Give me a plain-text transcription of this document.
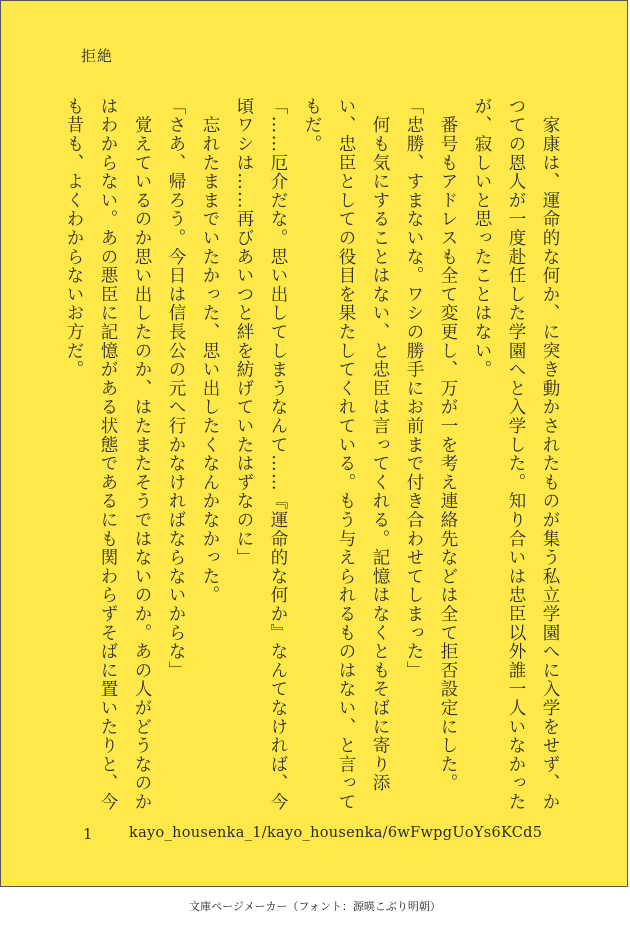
拒絶

　家康は、運命的な何か、に突き動かされたものが集う私立学園へに入学をせず、かつての恩人が一度赴任した学園へと入学した。知り合いは忠臣以外誰一人いなかったが、寂しいと思ったことはない。

　番号もアドレスも全て変更し、万が一を考え連絡先などは全て拒否設定にした。

「忠勝、すまないな。ワシの勝手にお前まで付き合わせてしまった」

　何も気にすることはない、と忠臣は言ってくれる。記憶はなくともそばに寄り添い、忠臣としての役目を果たしてくれている。もう与えられるものはない、と言ってもだ。

「……厄介だな。思い出してしまうなんて……『運命的な何か』なんてなければ、今頃ワシは……再びあいつと絆を紡げていたはずなのに」

　忘れたままでいたかった、思い出したくなんかなかった。

「さあ、帰ろう。今日は信長公の元へ行かなければならないからな」

　覚えているのか思い出したのか、はたまたそうではないのか。あの人がどうなのかはわからない。あの悪臣に記憶がある状態であるにも関わらずそばに置いたりと、今も昔も、よくわからないお方だ。

1	kayo_housenka_1/kayo_housenka/6wFwpgUoYs6KCd5
文庫ページメーカー（フォント：源暎こぶり明朝）
